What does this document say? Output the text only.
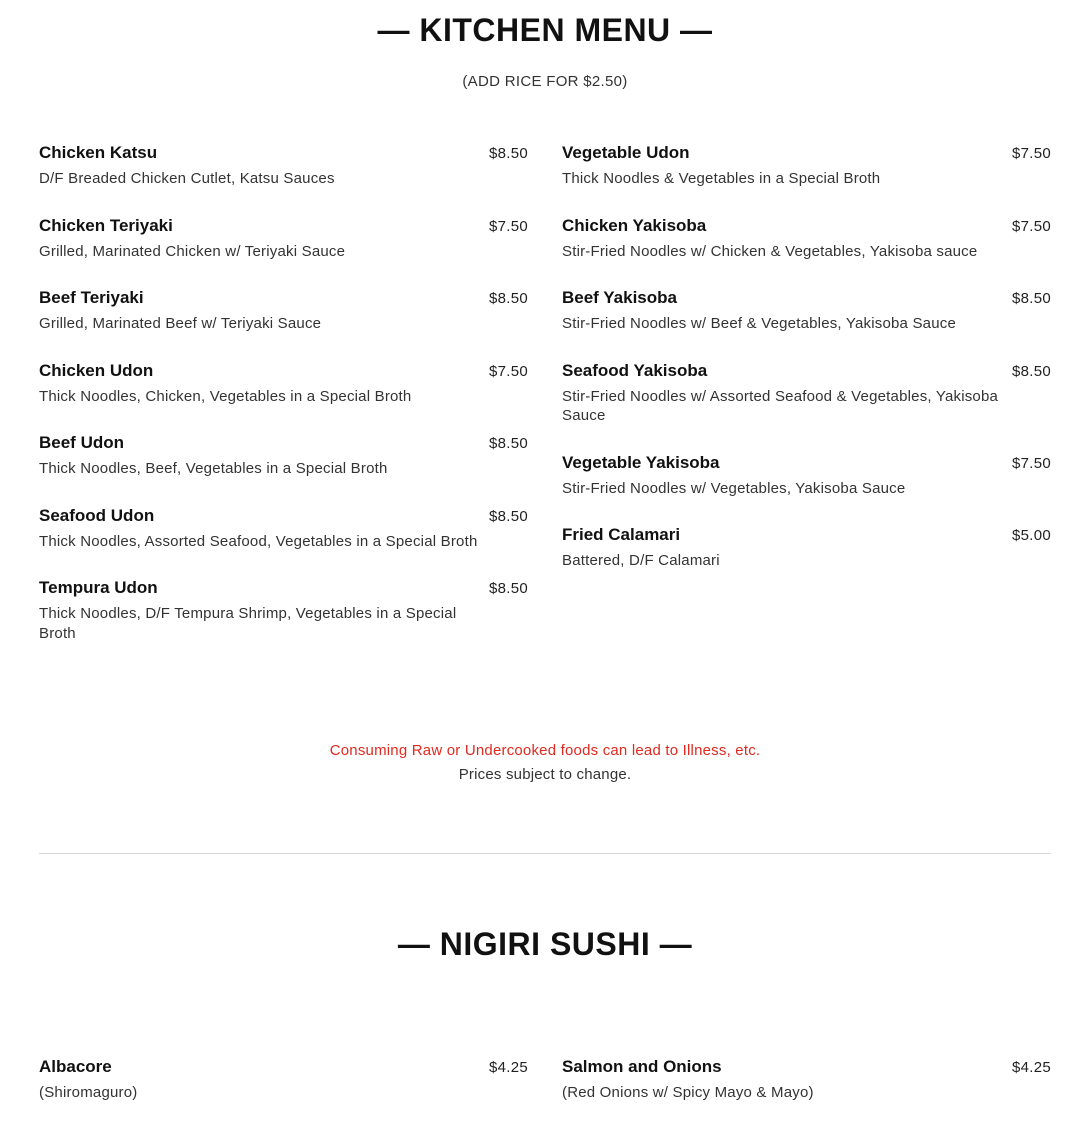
— KITCHEN MENU —
(ADD RICE FOR $2.50)
Chicken Katsu	$8.50
D/F Breaded Chicken Cutlet, Katsu Sauces
Chicken Teriyaki	$7.50
Grilled, Marinated Chicken w/ Teriyaki Sauce
Beef Teriyaki	$8.50
Grilled, Marinated Beef w/ Teriyaki Sauce
Chicken Udon	$7.50
Thick Noodles, Chicken, Vegetables in a Special Broth
Beef Udon	$8.50
Thick Noodles, Beef, Vegetables in a Special Broth
Seafood Udon	$8.50
Thick Noodles, Assorted Seafood, Vegetables in a Special Broth
Tempura Udon	$8.50
Thick Noodles, D/F Tempura Shrimp, Vegetables in a Special Broth
Vegetable Udon	$7.50
Thick Noodles & Vegetables in a Special Broth
Chicken Yakisoba	$7.50
Stir-Fried Noodles w/ Chicken & Vegetables, Yakisoba sauce
Beef Yakisoba	$8.50
Stir-Fried Noodles w/ Beef & Vegetables, Yakisoba Sauce
Seafood Yakisoba	$8.50
Stir-Fried Noodles w/ Assorted Seafood & Vegetables, Yakisoba Sauce
Vegetable Yakisoba	$7.50
Stir-Fried Noodles w/ Vegetables, Yakisoba Sauce
Fried Calamari	$5.00
Battered, D/F Calamari
Consuming Raw or Undercooked foods can lead to Illness, etc.
Prices subject to change.
— NIGIRI SUSHI —
Albacore	$4.25
(Shiromaguro)
Salmon and Onions	$4.25
(Red Onions w/ Spicy Mayo & Mayo)
